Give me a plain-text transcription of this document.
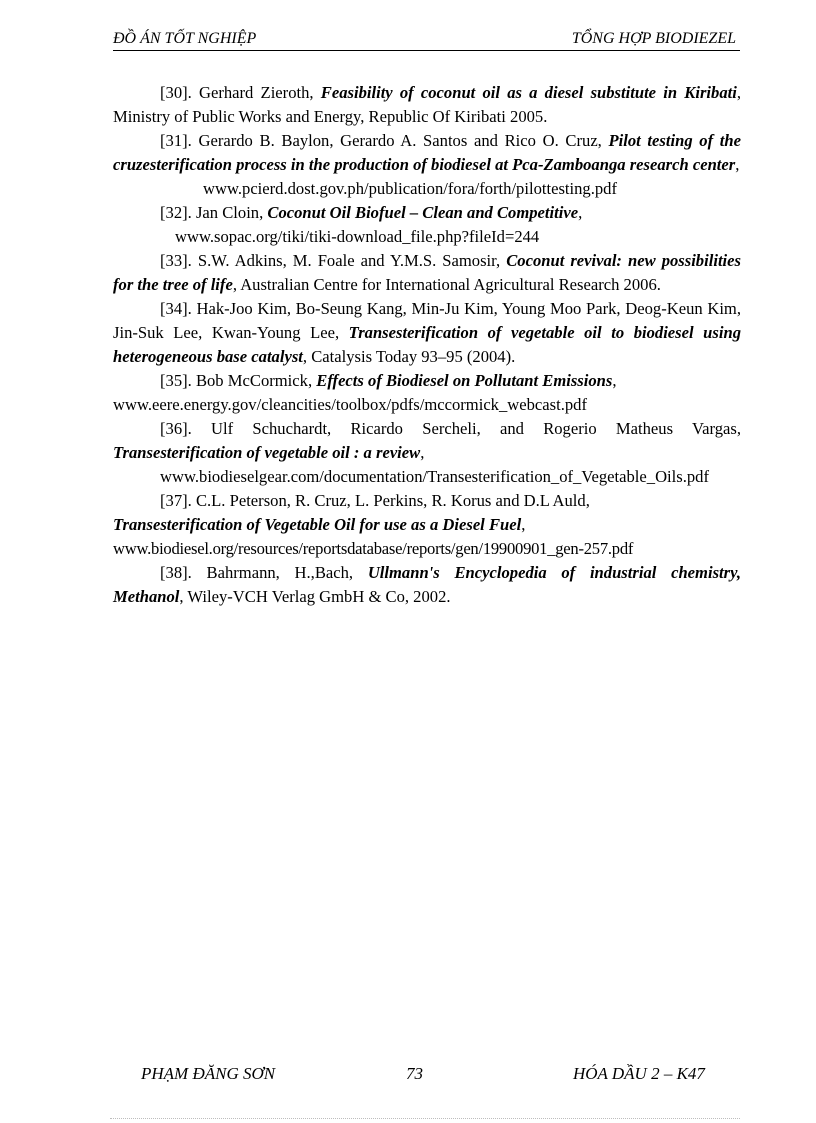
ĐỒ ÁN TỐT NGHIỆP	TỔNG HỢP BIODIEZEL

[30]. Gerhard Zieroth, Feasibility of coconut oil as a diesel substitute in Kiribati, Ministry of Public Works and Energy, Republic Of Kiribati 2005.

[31]. Gerardo B. Baylon, Gerardo A. Santos and Rico O. Cruz, Pilot testing of the cruzesterification process in the production of biodiesel at Pca-Zamboanga research center,

www.pcierd.dost.gov.ph/publication/fora/forth/pilottesting.pdf

[32]. Jan Cloin, Coconut Oil Biofuel – Clean and Competitive,

www.sopac.org/tiki/tiki-download_file.php?fileId=244

[33]. S.W. Adkins, M. Foale and Y.M.S. Samosir, Coconut revival: new possibilities for the tree of life, Australian Centre for International Agricultural Research 2006.

[34]. Hak-Joo Kim, Bo-Seung Kang, Min-Ju Kim, Young Moo Park, Deog-Keun Kim, Jin-Suk Lee, Kwan-Young Lee, Transesterification of vegetable oil to biodiesel using heterogeneous base catalyst, Catalysis Today 93–95 (2004).

[35]. Bob McCormick, Effects of Biodiesel on Pollutant Emissions,

www.eere.energy.gov/cleancities/toolbox/pdfs/mccormick_webcast.pdf

[36]. Ulf Schuchardt, Ricardo Sercheli, and Rogerio Matheus Vargas, Transesterification of vegetable oil : a review,

www.biodieselgear.com/documentation/Transesterification_of_Vegetable_Oils.pdf

[37]. C.L. Peterson, R. Cruz, L. Perkins, R. Korus and D.L Auld,

Transesterification of Vegetable Oil for use as a Diesel Fuel,

www.biodiesel.org/resources/reportsdatabase/reports/gen/19900901_gen-257.pdf

[38]. Bahrmann, H.,Bach, Ullmann's Encyclopedia of industrial chemistry, Methanol, Wiley-VCH Verlag GmbH & Co, 2002.

PHẠM ĐĂNG SƠN	73	HÓA DẦU 2 – K47
